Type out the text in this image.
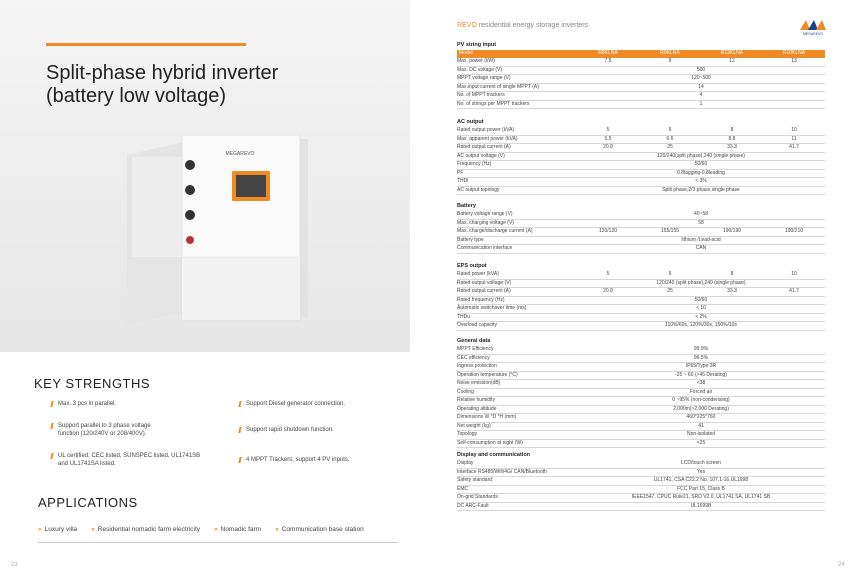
Split-phase hybrid inverter
(battery low voltage)
MEGAREVO
KEY STRENGTHS
Max. 3 pcs in parallel.
Support parallel to 3 phase voltage
function (120/240V or 208/400V).
UL certified, CEC listed, SUNSPEC listed, UL1741SB
and UL1741SA listed.
Support Diesel generator connection.
Support rapid shutdown function.
4 MPPT Trackers, support 4 PV inputs.
APPLICATIONS
» Luxury villa » Residential nomadic farm electricity » Nomadic farm » Communication base station
23
REVO residential energy storage inverters
MEGAREVO
PV string input
Model	R8KLNA	R9KLNA	R12KLNA	R10KLNA
Max. power (kW)	7.5	9	12	13
Max. DC voltage (V)	500			
MPPT voltage range (V)	120~500			
Max.input current of single MPPT (A)	14			
No. of MPPT trackers	4			
No. of strings per MPPT trackers	1			
AC output
Rated output power (kVA)	5	6	8	10
Max. apparent power (kVA)	5.5	6.6	8.8	11
Rated output current (A)	20.8	25	33.3	41.7
AC output voltage (V)	120/240(split phase),240 (single phase)			
Frequency (Hz)	50/60			
PF	0.8lagging-0.8leading			
THDi	< 3%			
AC output topology	Split phase,2/3 phase,single phase			
Battery
Battery voltage range (V)	40~58			
Max. charging voltage (V)	58			
Max. charge/discharge current (A)	120/120	155/155	190/190	190/210
Battery type	lithium /Lead-acid			
Communication interface	CAN			
EPS output
Rated power (kVA)	5	6	8	10
Rated output voltage (V)	120/240 (split phase),240 (single phase)			
Rated output current (A)	20.8	25	33.3	41.7
Rated frequency (Hz)	50/60			
Automatic switchover time (ms)	< 10			
THDu	< 2%			
Overload capacity	110%/60s, 120%/30s, 150%/10s			
General data
MPPT Efficiency	99.9%
CEC efficiency	96.5%
Ingress protection	IP65/Type 3R
Operation temperature (°C)	-25 ~ 60 (>45 Derating)
Noise emission(dB)	<38
Cooling	Forced air
Relative humidity	0 ~95% (non-condensing)
Operating altitude	2,000m(>2,000 Derating)
Dimensions W *D *H (mm)	460*225*760
Net weight (kg)	41
Topology	Non-isolated
Self-consumption at night (W)	<25
Display and communication
Display	LCD/touch screen
Interface RS485/Wifi/4G/ CAN/Bluetooth	Yes
Safety standard	UL1741, CSA C22.2 No. 107.1-16,UL1998
EMC	FCC Part 15, Class B
On-grid Standards	IEEE1547, CPUC Rule21, SRD V2.0, UL1741 SA, UL1741 SB
DC ARC-Fault	UL1699B
24
